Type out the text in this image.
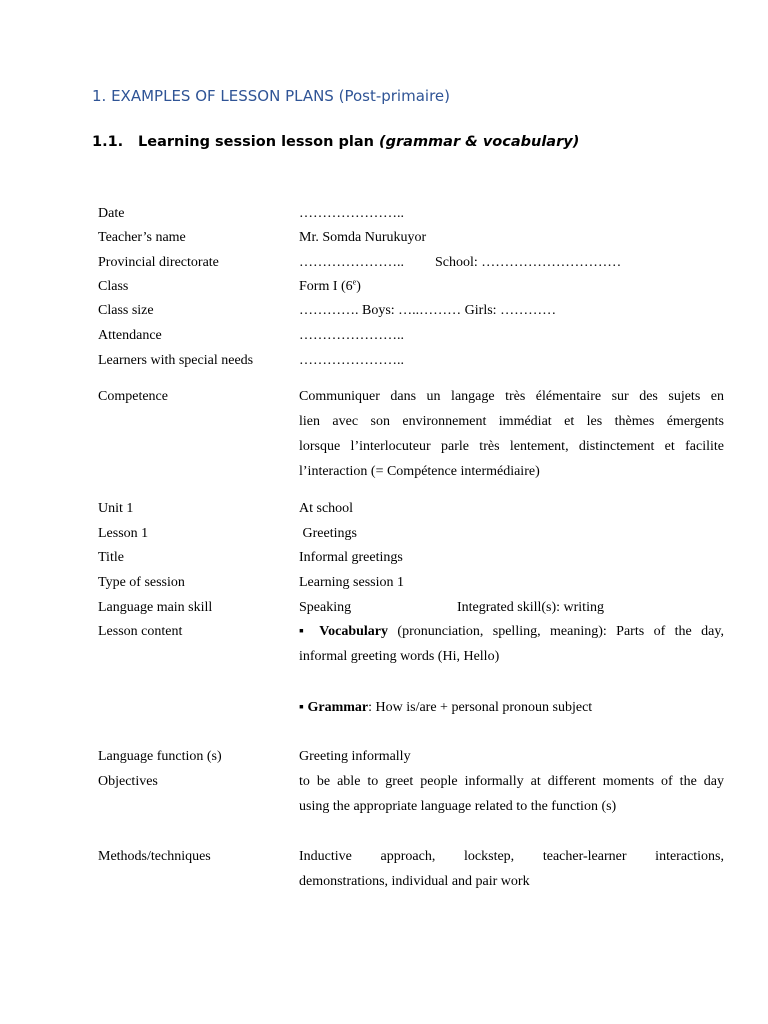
1. EXAMPLES OF LESSON PLANS (Post-primaire)
1.1. Learning session lesson plan (grammar & vocabulary)
Date	…………………..
Teacher’s name	Mr. Somda Nurukuyor
Provincial directorate	………………….. School: …………………………
Class	Form I (6e)
Class size	…………. Boys: …..……… Girls: …………
Attendance	…………………..
Learners with special needs	…………………..
Competence	Communiquer dans un langage très élémentaire sur des sujets en
lien avec son environnement immédiat et les thèmes émergents
lorsque l’interlocuteur parle très lentement, distinctement et facilite
l’interaction (= Compétence intermédiaire)
Unit 1	At school
Lesson 1	Greetings
Title	Informal greetings
Type of session	Learning session 1
Language main skill	Speaking	Integrated skill(s): writing
Lesson content	▪ Vocabulary (pronunciation, spelling, meaning): Parts of the day,
informal greeting words (Hi, Hello)
▪ Grammar: How is/are + personal pronoun subject
Language function (s)	Greeting informally
Objectives	to be able to greet people informally at different moments of the day
using the appropriate language related to the function (s)
Methods/techniques	Inductive approach, lockstep, teacher-learner interactions,
demonstrations, individual and pair work
